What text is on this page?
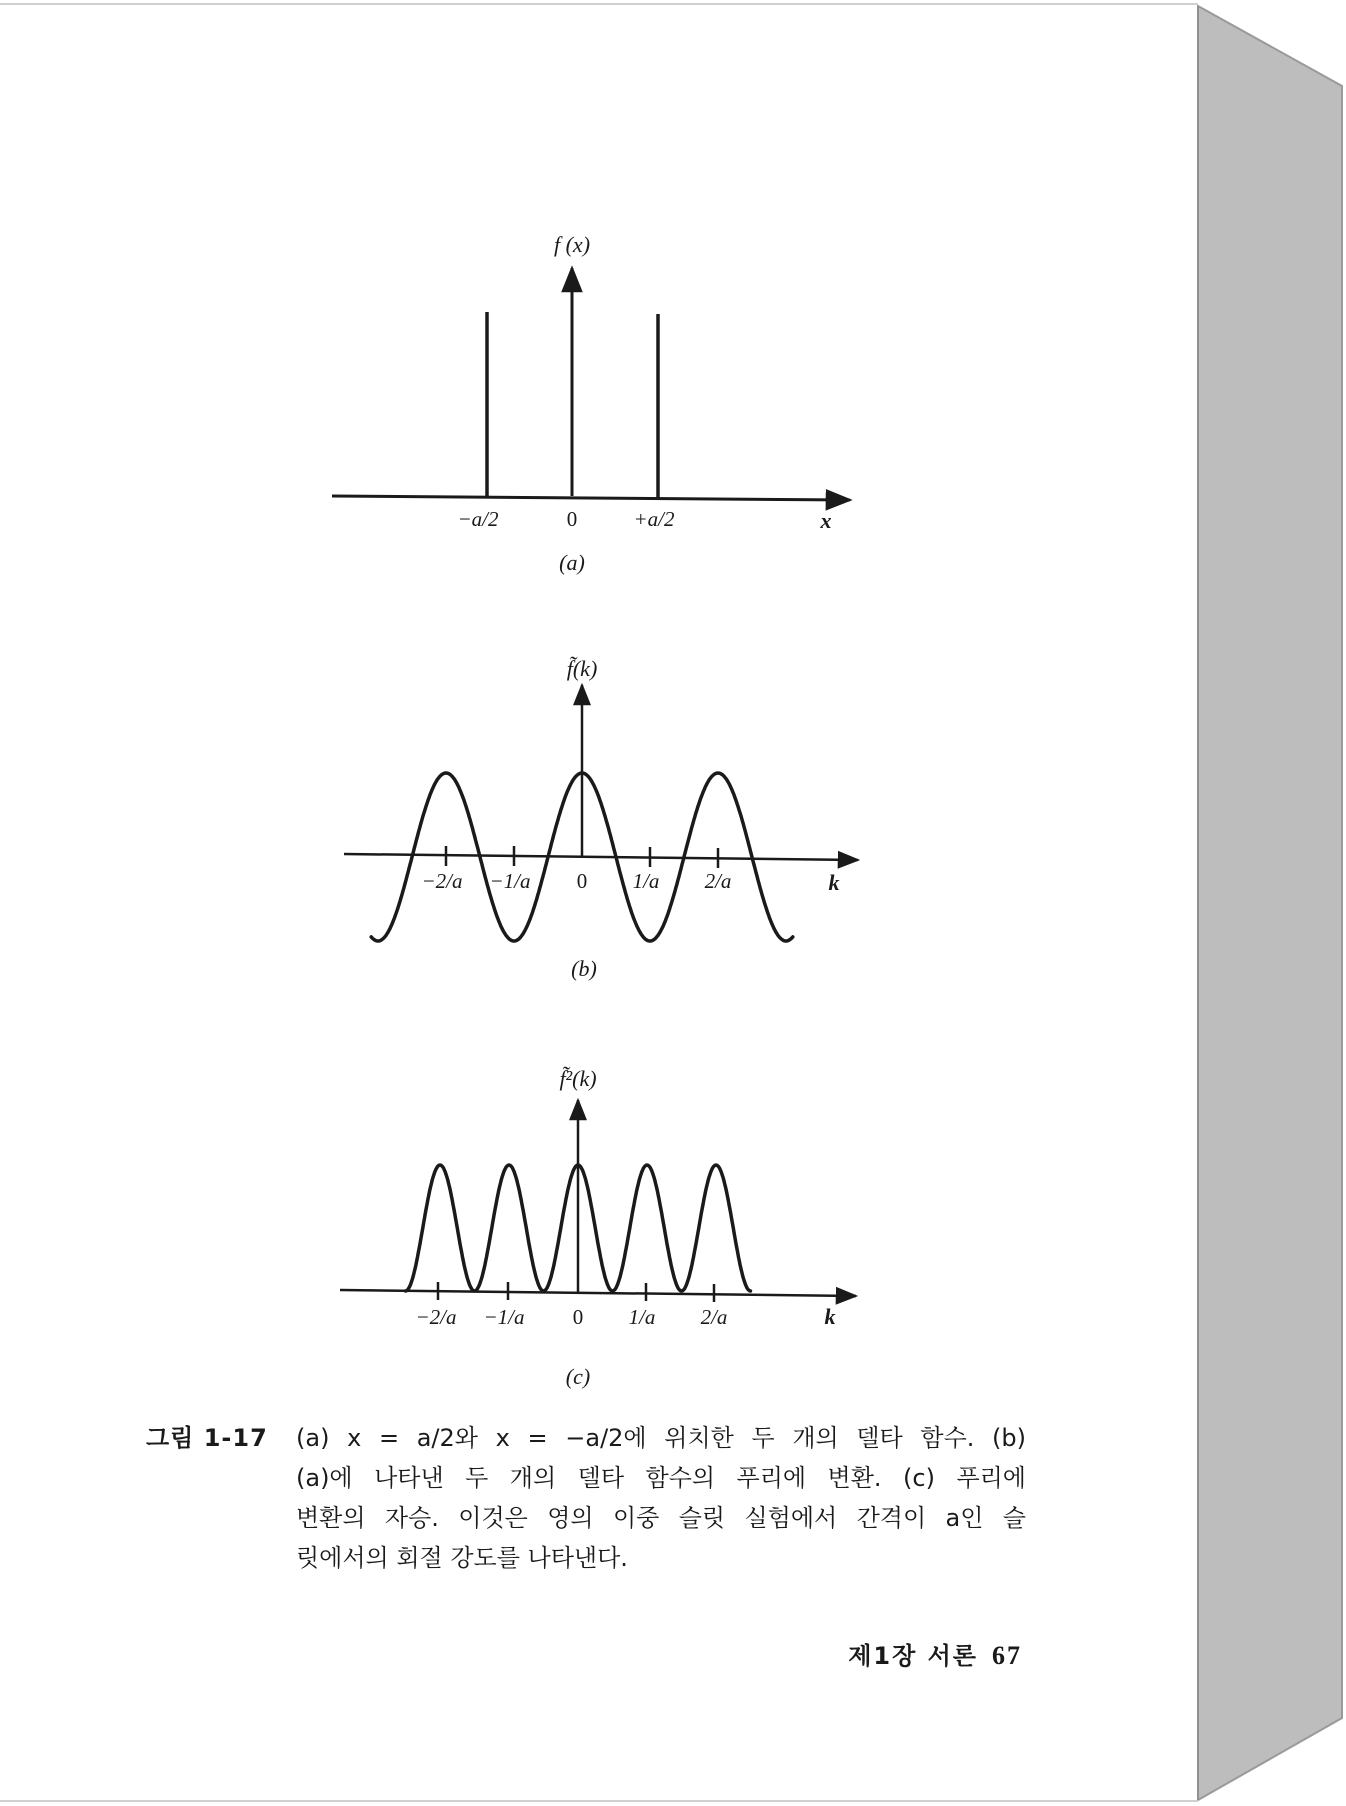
f (x)
x
−a/2	0	+a/2
(a)
f̃(k)
k
−2/a −1/a 0 1/a 2/a
(b)
f̃²(k)
k
−2/a −1/a 0 1/a 2/a
(c)
그림 1-17 (a) x = a/2와 x = −a/2에 위치한 두 개의 델타 함수. (b)
(a)에 나타낸 두 개의 델타 함수의 푸리에 변환. (c) 푸리에
변환의 자승. 이것은 영의 이중 슬릿 실험에서 간격이 a인 슬
릿에서의 회절 강도를 나타낸다.
제1장 서론 67
